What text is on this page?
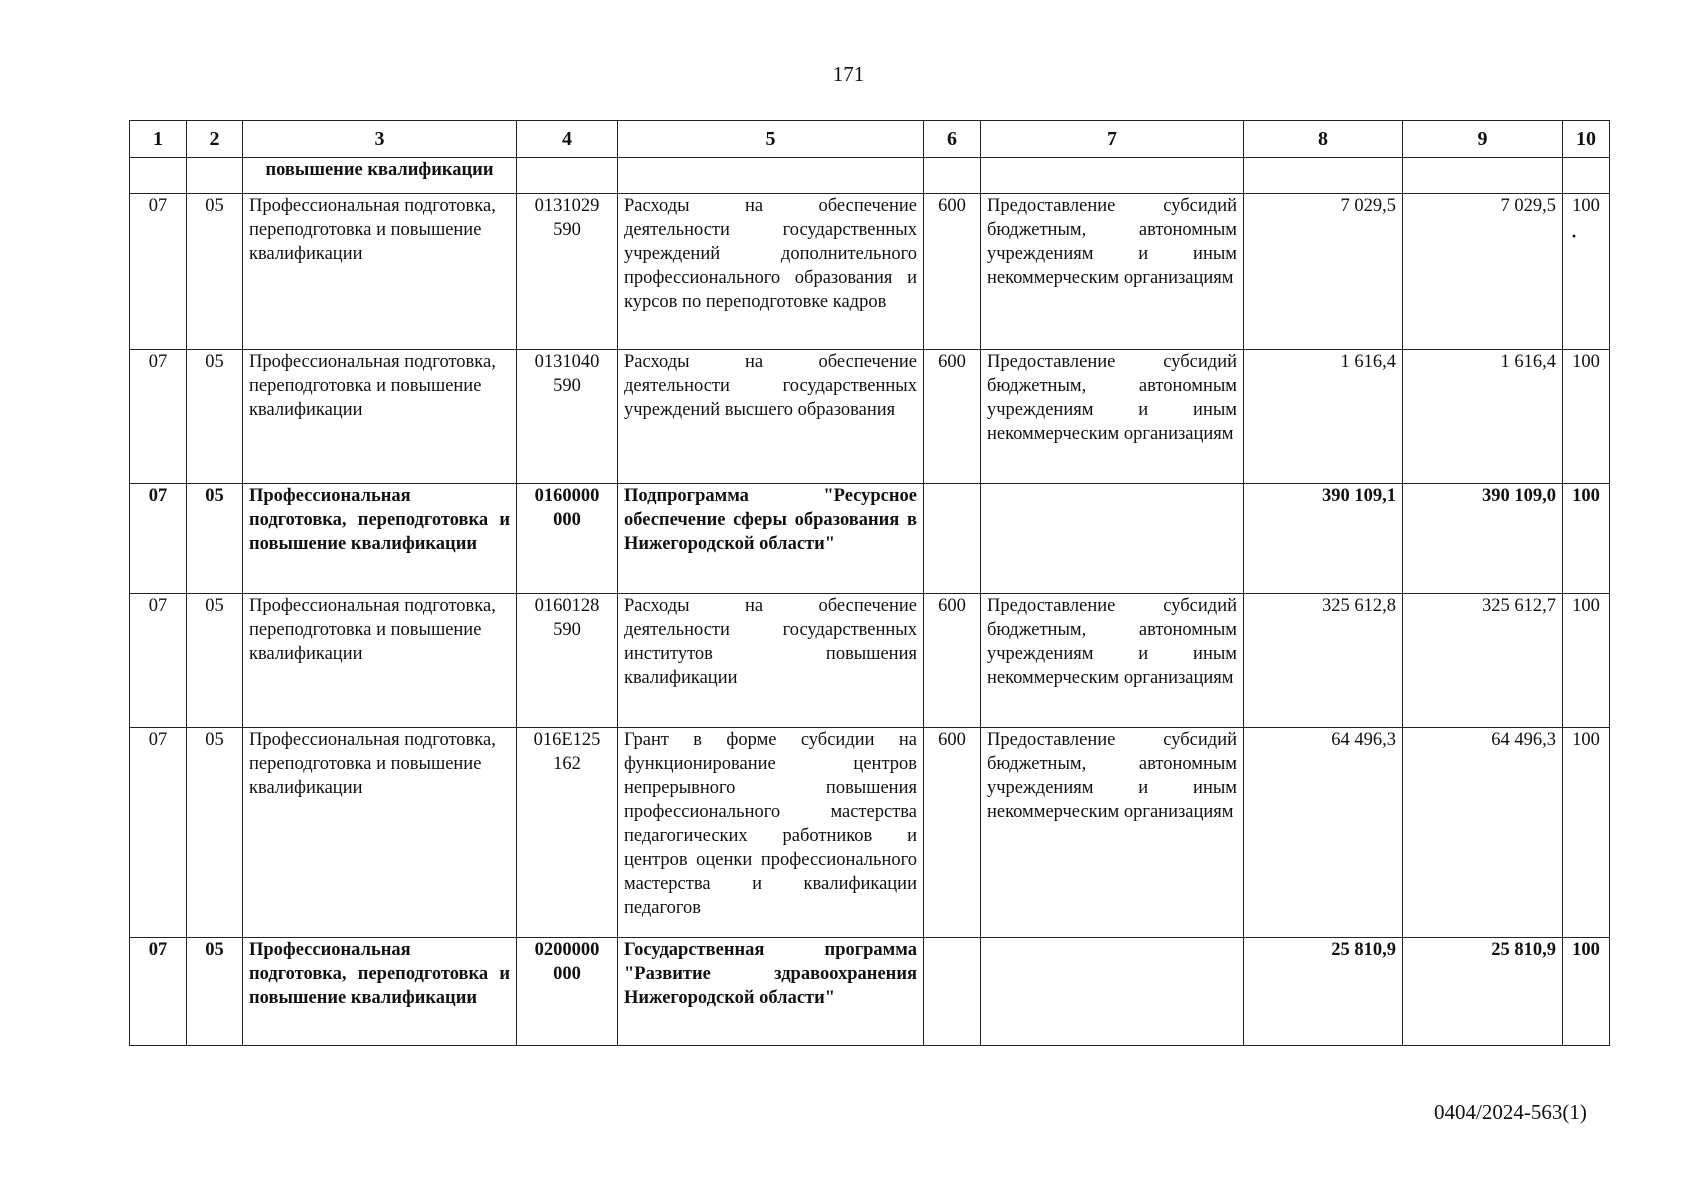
171
1	2	3	4	5	6	7	8	9	10
		повышение квалификации							
07	05	Профессиональная подготовка, переподготовка и повышение квалификации	0131029 590	Расходы на обеспечение деятельности государственных учреждений дополнительного профессионального образования и курсов по переподготовке кадров	600	Предоставление субсидий бюджетным, автономным учреждениям и иным некоммерческим организациям	7 029,5	7 029,5	100
07	05	Профессиональная подготовка, переподготовка и повышение квалификации	0131040 590	Расходы на обеспечение деятельности государственных учреждений высшего образования	600	Предоставление субсидий бюджетным, автономным учреждениям и иным некоммерческим организациям	1 616,4	1 616,4	100
07	05	Профессиональная подготовка, переподготовка и повышение квалификации	0160000 000	Подпрограмма "Ресурсное обеспечение сферы образования в Нижегородской области"			390 109,1	390 109,0	100
07	05	Профессиональная подготовка, переподготовка и повышение квалификации	0160128 590	Расходы на обеспечение деятельности государственных институтов повышения квалификации	600	Предоставление субсидий бюджетным, автономным учреждениям и иным некоммерческим организациям	325 612,8	325 612,7	100
07	05	Профессиональная подготовка, переподготовка и повышение квалификации	016E125 162	Грант в форме субсидии на функционирование центров непрерывного повышения профессионального мастерства педагогических работников и центров оценки профессионального мастерства и квалификации педагогов	600	Предоставление субсидий бюджетным, автономным учреждениям и иным некоммерческим организациям	64 496,3	64 496,3	100
07	05	Профессиональная подготовка, переподготовка и повышение квалификации	0200000 000	Государственная программа "Развитие здравоохранения Нижегородской области"			25 810,9	25 810,9	100
·
0404/2024-563(1)
